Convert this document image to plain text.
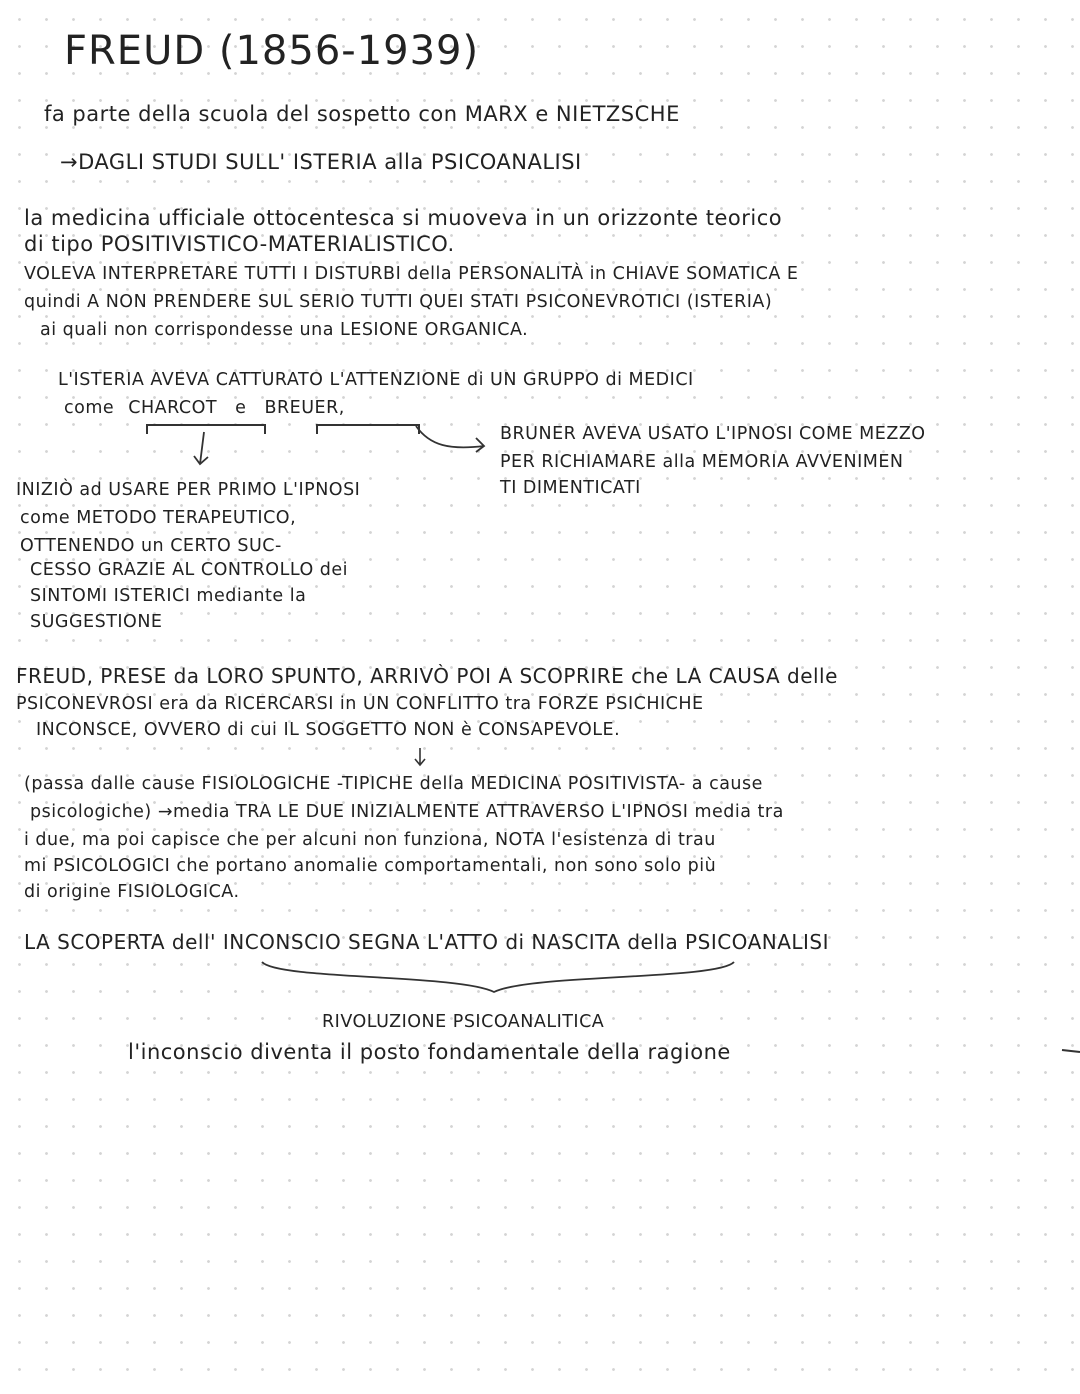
FREUD (1856-1939)
fa parte della scuola del sospetto con MARX e NIETZSCHE
→DAGLI STUDI SULL' ISTERIA alla PSICOANALISI
la medicina ufficiale ottocentesca si muoveva in un orizzonte teorico
di tipo POSITIVISTICO-MATERIALISTICO.
VOLEVA INTERPRETARE TUTTI I DISTURBI della PERSONALITÀ in CHIAVE SOMATICA E
quindi A NON PRENDERE SUL SERIO TUTTI QUEI STATI PSICONEVROTICI (ISTERIA)
ai quali non corrispondesse una LESIONE ORGANICA.
L'ISTERIA AVEVA CATTURATO L'ATTENZIONE di UN GRUPPO di MEDICI
come CHARCOT e BREUER,
INIZIÒ ad USARE PER PRIMO L'IPNOSI
come METODO TERAPEUTICO,
OTTENENDO un CERTO SUC-
CESSO GRAZIE AL CONTROLLO dei
SINTOMI ISTERICI mediante la
SUGGESTIONE
BRUNER AVEVA USATO L'IPNOSI COME MEZZO
PER RICHIAMARE alla MEMORIA AVVENIMEN
TI DIMENTICATI
FREUD, PRESE da LORO SPUNTO, ARRIVÒ POI A SCOPRIRE che LA CAUSA delle
PSICONEVROSI era da RICERCARSI in UN CONFLITTO tra FORZE PSICHICHE
INCONSCE, OVVERO di cui IL SOGGETTO NON è CONSAPEVOLE.
(passa dalle cause FISIOLOGICHE -TIPICHE della MEDICINA POSITIVISTA- a cause
psicologiche) →media TRA LE DUE INIZIALMENTE ATTRAVERSO L'IPNOSI media tra
i due, ma poi capisce che per alcuni non funziona, NOTA l'esistenza di trau
mi PSICOLOGICI che portano anomalie comportamentali, non sono solo più
di origine FISIOLOGICA.
LA SCOPERTA dell' INCONSCIO SEGNA L'ATTO di NASCITA della PSICOANALISI
RIVOLUZIONE PSICOANALITICA
l'inconscio diventa il posto fondamentale della ragione
